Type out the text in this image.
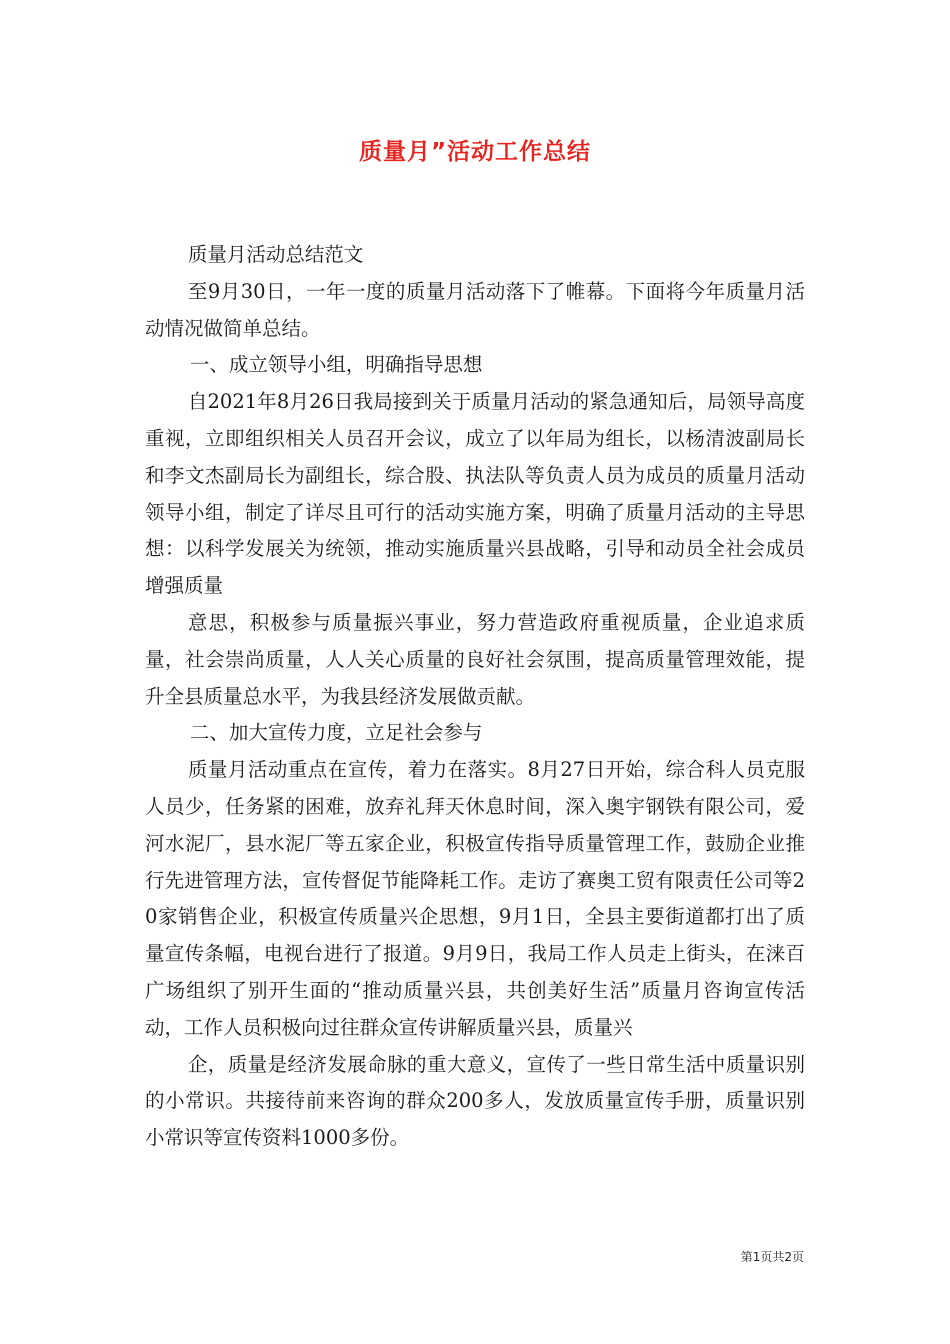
质量月”活动工作总结

质量月活动总结范文

至9月30日，一年一度的质量月活动落下了帷幕。下面将今年质量月活动情况做简单总结。

一、成立领导小组，明确指导思想

自2021年8月26日我局接到关于质量月活动的紧急通知后，局领导高度重视，立即组织相关人员召开会议，成立了以年局为组长，以杨清波副局长和李文杰副局长为副组长，综合股、执法队等负责人员为成员的质量月活动领导小组，制定了详尽且可行的活动实施方案，明确了质量月活动的主导思想：以科学发展关为统领，推动实施质量兴县战略，引导和动员全社会成员增强质量

意思，积极参与质量振兴事业，努力营造政府重视质量，企业追求质量，社会崇尚质量，人人关心质量的良好社会氛围，提高质量管理效能，提升全县质量总水平，为我县经济发展做贡献。

二、加大宣传力度，立足社会参与

质量月活动重点在宣传，着力在落实。8月27日开始，综合科人员克服人员少，任务紧的困难，放弃礼拜天休息时间，深入奥宇钢铁有限公司，爱河水泥厂，县水泥厂等五家企业，积极宣传指导质量管理工作，鼓励企业推行先进管理方法，宣传督促节能降耗工作。走访了赛奥工贸有限责任公司等20家销售企业，积极宣传质量兴企思想，9月1日，全县主要街道都打出了质量宣传条幅，电视台进行了报道。9月9日，我局工作人员走上街头，在涞百广场组织了别开生面的“推动质量兴县，共创美好生活”质量月咨询宣传活动，工作人员积极向过往群众宣传讲解质量兴县，质量兴

企，质量是经济发展命脉的重大意义，宣传了一些日常生活中质量识别的小常识。共接待前来咨询的群众200多人，发放质量宣传手册，质量识别小常识等宣传资料1000多份。

第1页共2页
